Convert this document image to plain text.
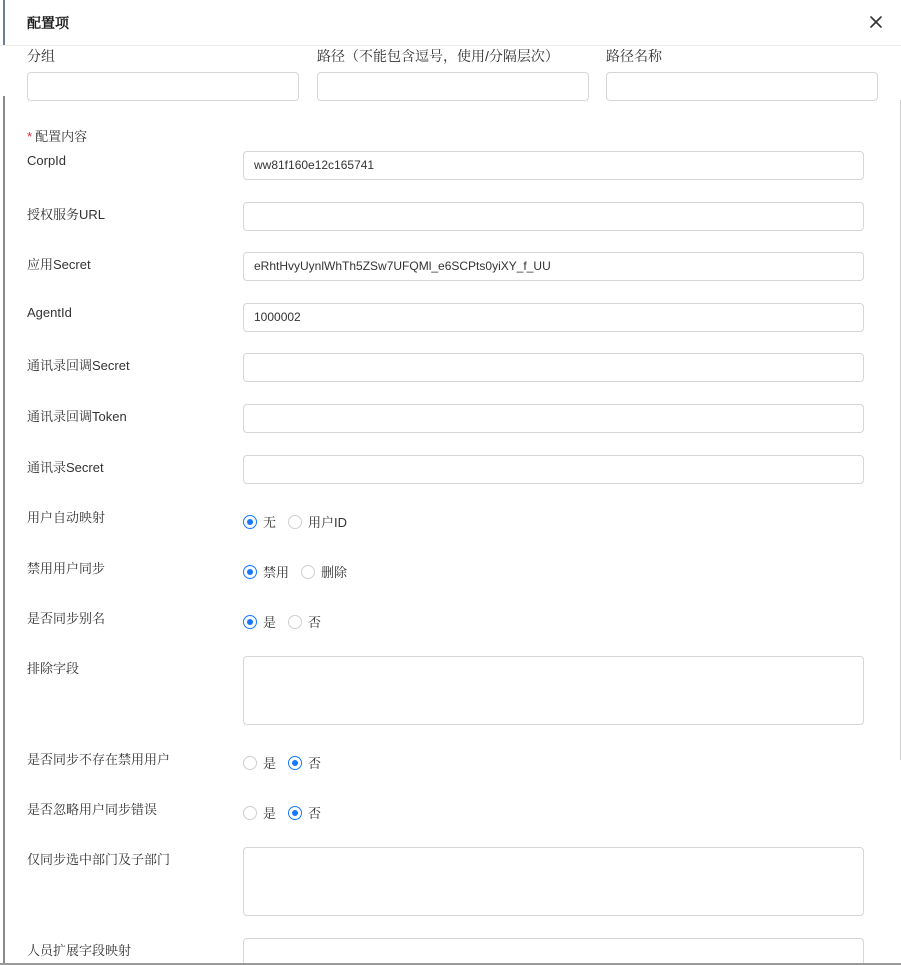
配置项
分组	路径（不能包含逗号，使用/分隔层次）	路径名称
* 配置内容
CorpId	ww81f160e12c165741
授权服务URL
应用Secret	eRhtHvyUynlWhTh5ZSw7UFQMl_e6SCPts0yiXY_f_UU
AgentId	1000002
通讯录回调Secret
通讯录回调Token
通讯录Secret
用户自动映射	无 用户ID
禁用用户同步	禁用 删除
是否同步别名	是 否
排除字段
是否同步不存在禁用用户	是 否
是否忽略用户同步错误	是 否
仅同步选中部门及子部门
人员扩展字段映射
